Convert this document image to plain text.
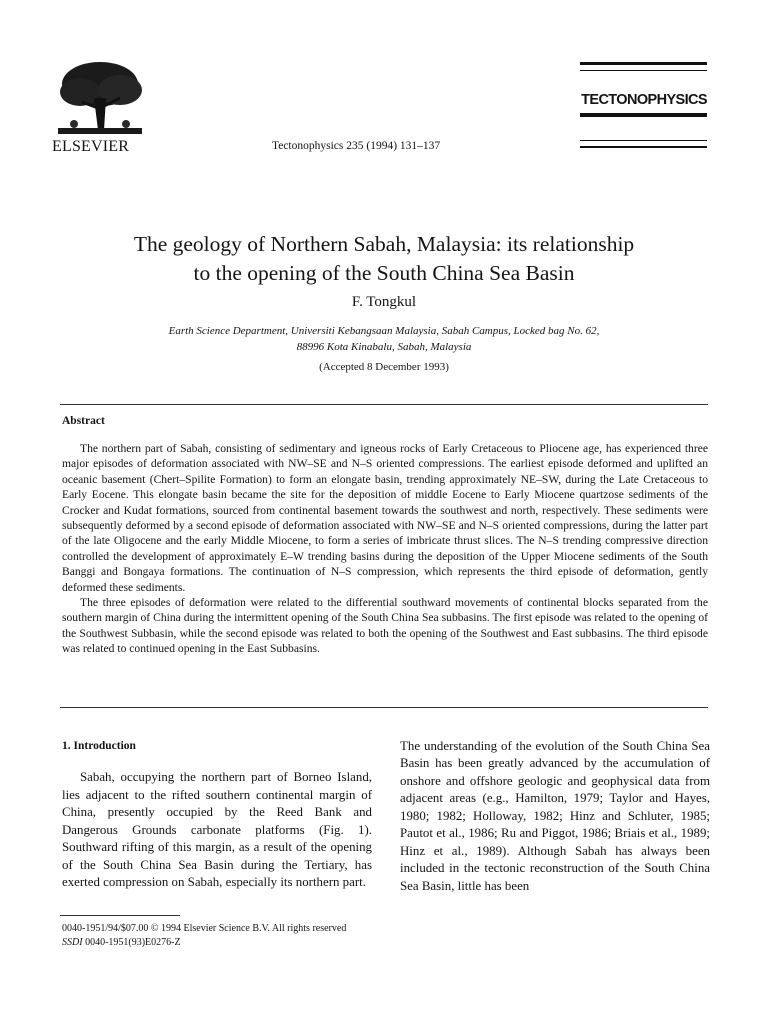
ELSEVIER	Tectonophysics 235 (1994) 131–137
TECTONOPHYSICS
The geology of Northern Sabah, Malaysia: its relationship
to the opening of the South China Sea Basin
F. Tongkul
Earth Science Department, Universiti Kebangsaan Malaysia, Sabah Campus, Locked bag No. 62,
88996 Kota Kinabalu, Sabah, Malaysia
(Accepted 8 December 1993)
Abstract

The northern part of Sabah, consisting of sedimentary and igneous rocks of Early Cretaceous to Pliocene age, has experienced three major episodes of deformation associated with NW–SE and N–S oriented compressions. The earliest episode deformed and uplifted an oceanic basement (Chert–Spilite Formation) to form an elongate basin, trending approximately NE–SW, during the Late Cretaceous to Early Eocene. This elongate basin became the site for the deposition of middle Eocene to Early Miocene quartzose sediments of the Crocker and Kudat formations, sourced from continental basement towards the southwest and north, respectively. These sediments were subsequently deformed by a second episode of deformation associated with NW–SE and N–S oriented compressions, during the latter part of the late Oligocene and the early Middle Miocene, to form a series of imbricate thrust slices. The N–S trending compressive direction controlled the development of approximately E–W trending basins during the deposition of the Upper Miocene sediments of the South Banggi and Bongaya formations. The continuation of N–S compression, which represents the third episode of deformation, gently deformed these sediments.

The three episodes of deformation were related to the differential southward movements of continental blocks separated from the southern margin of China during the intermittent opening of the South China Sea subbasins. The first episode was related to the opening of the Southwest Subbasin, while the second episode was related to both the opening of the Southwest and East subbasins. The third episode was related to continued opening in the East Subbasins.

1. Introduction

Sabah, occupying the northern part of Borneo Island, lies adjacent to the rifted southern continental margin of China, presently occupied by the Reed Bank and Dangerous Grounds carbonate platforms (Fig. 1). Southward rifting of this margin, as a result of the opening of the South China Sea Basin during the Tertiary, has exerted compression on Sabah, especially its northern part.

The understanding of the evolution of the South China Sea Basin has been greatly advanced by the accumulation of onshore and offshore geologic and geophysical data from adjacent areas (e.g., Hamilton, 1979; Taylor and Hayes, 1980; 1982; Holloway, 1982; Hinz and Schluter, 1985; Pautot et al., 1986; Ru and Piggot, 1986; Briais et al., 1989; Hinz et al., 1989). Although Sabah has always been included in the tectonic reconstruction of the South China Sea Basin, little has been

0040-1951/94/$07.00 © 1994 Elsevier Science B.V. All rights reserved
SSDI 0040-1951(93)E0276-Z
